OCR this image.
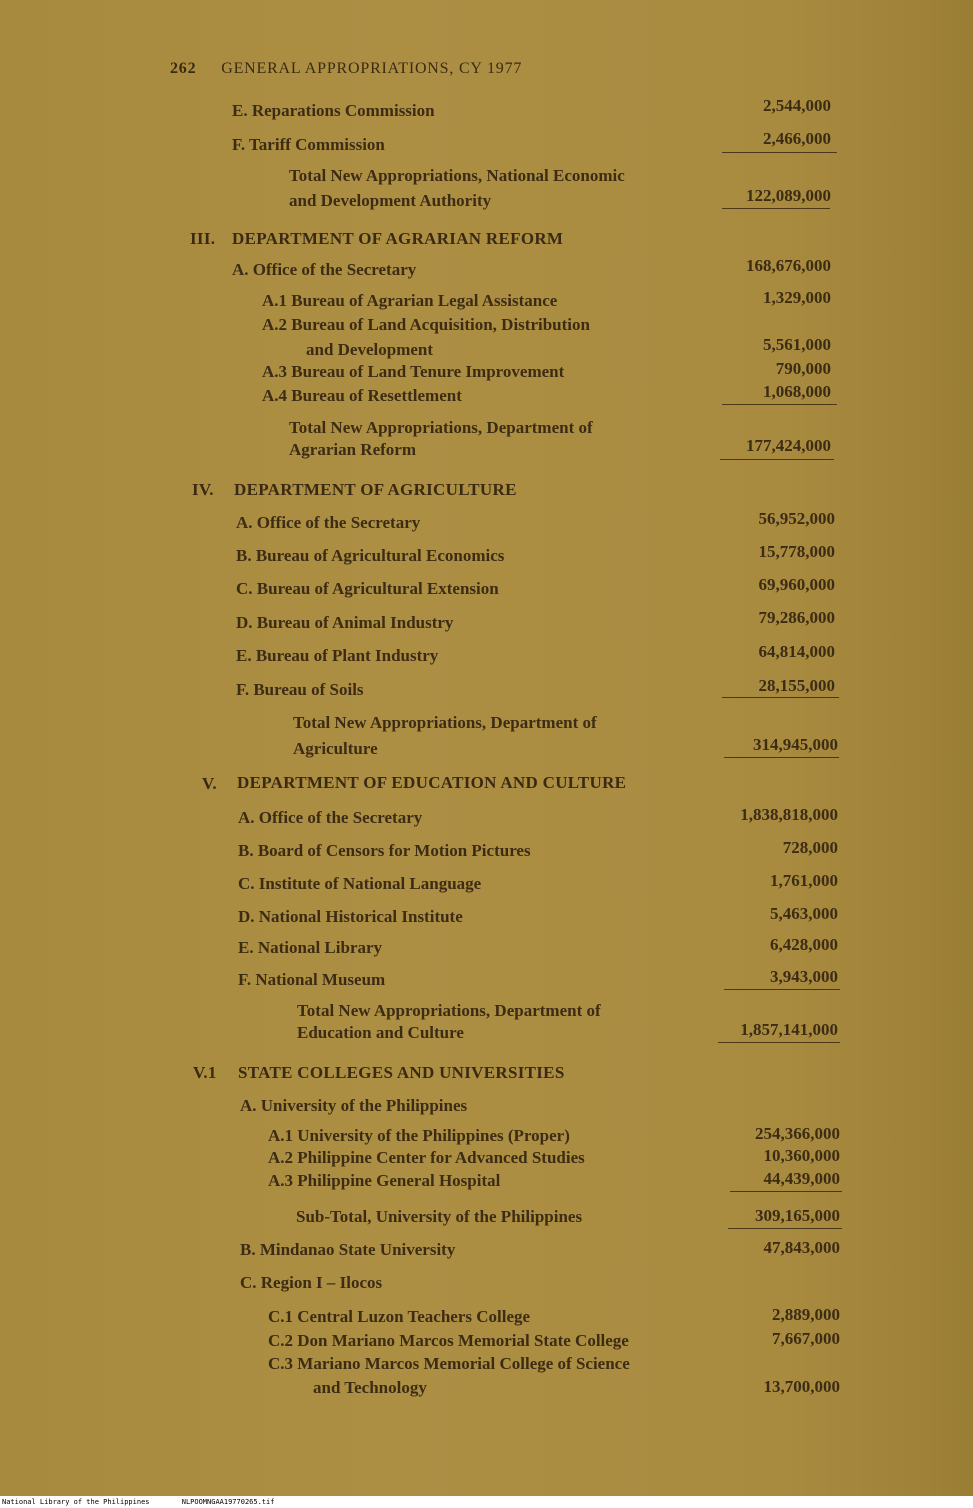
262 GENERAL APPROPRIATIONS, CY 1977
E. Reparations Commission	2,544,000
F. Tariff Commission	2,466,000
Total New Appropriations, National Economic
and Development Authority	122,089,000
III. DEPARTMENT OF AGRARIAN REFORM
A. Office of the Secretary	168,676,000
A.1 Bureau of Agrarian Legal Assistance	1,329,000
A.2 Bureau of Land Acquisition, Distribution
and Development	5,561,000
A.3 Bureau of Land Tenure Improvement	790,000
A.4 Bureau of Resettlement	1,068,000
Total New Appropriations, Department of
Agrarian Reform	177,424,000
IV. DEPARTMENT OF AGRICULTURE
A. Office of the Secretary	56,952,000
B. Bureau of Agricultural Economics	15,778,000
C. Bureau of Agricultural Extension	69,960,000
D. Bureau of Animal Industry	79,286,000
E. Bureau of Plant Industry	64,814,000
F. Bureau of Soils	28,155,000
Total New Appropriations, Department of
Agriculture	314,945,000
V. DEPARTMENT OF EDUCATION AND CULTURE
A. Office of the Secretary	1,838,818,000
B. Board of Censors for Motion Pictures	728,000
C. Institute of National Language	1,761,000
D. National Historical Institute	5,463,000
E. National Library	6,428,000
F. National Museum	3,943,000
Total New Appropriations, Department of
Education and Culture	1,857,141,000
V.1 STATE COLLEGES AND UNIVERSITIES
A. University of the Philippines
A.1 University of the Philippines (Proper)	254,366,000
A.2 Philippine Center for Advanced Studies	10,360,000
A.3 Philippine General Hospital	44,439,000
Sub-Total, University of the Philippines	309,165,000
B. Mindanao State University	47,843,000
C. Region I – Ilocos
C.1 Central Luzon Teachers College	2,889,000
C.2 Don Mariano Marcos Memorial State College	7,667,000
C.3 Mariano Marcos Memorial College of Science
and Technology	13,700,000
National Library of the Philippines	NLPOOMNGAA19770265.tif
